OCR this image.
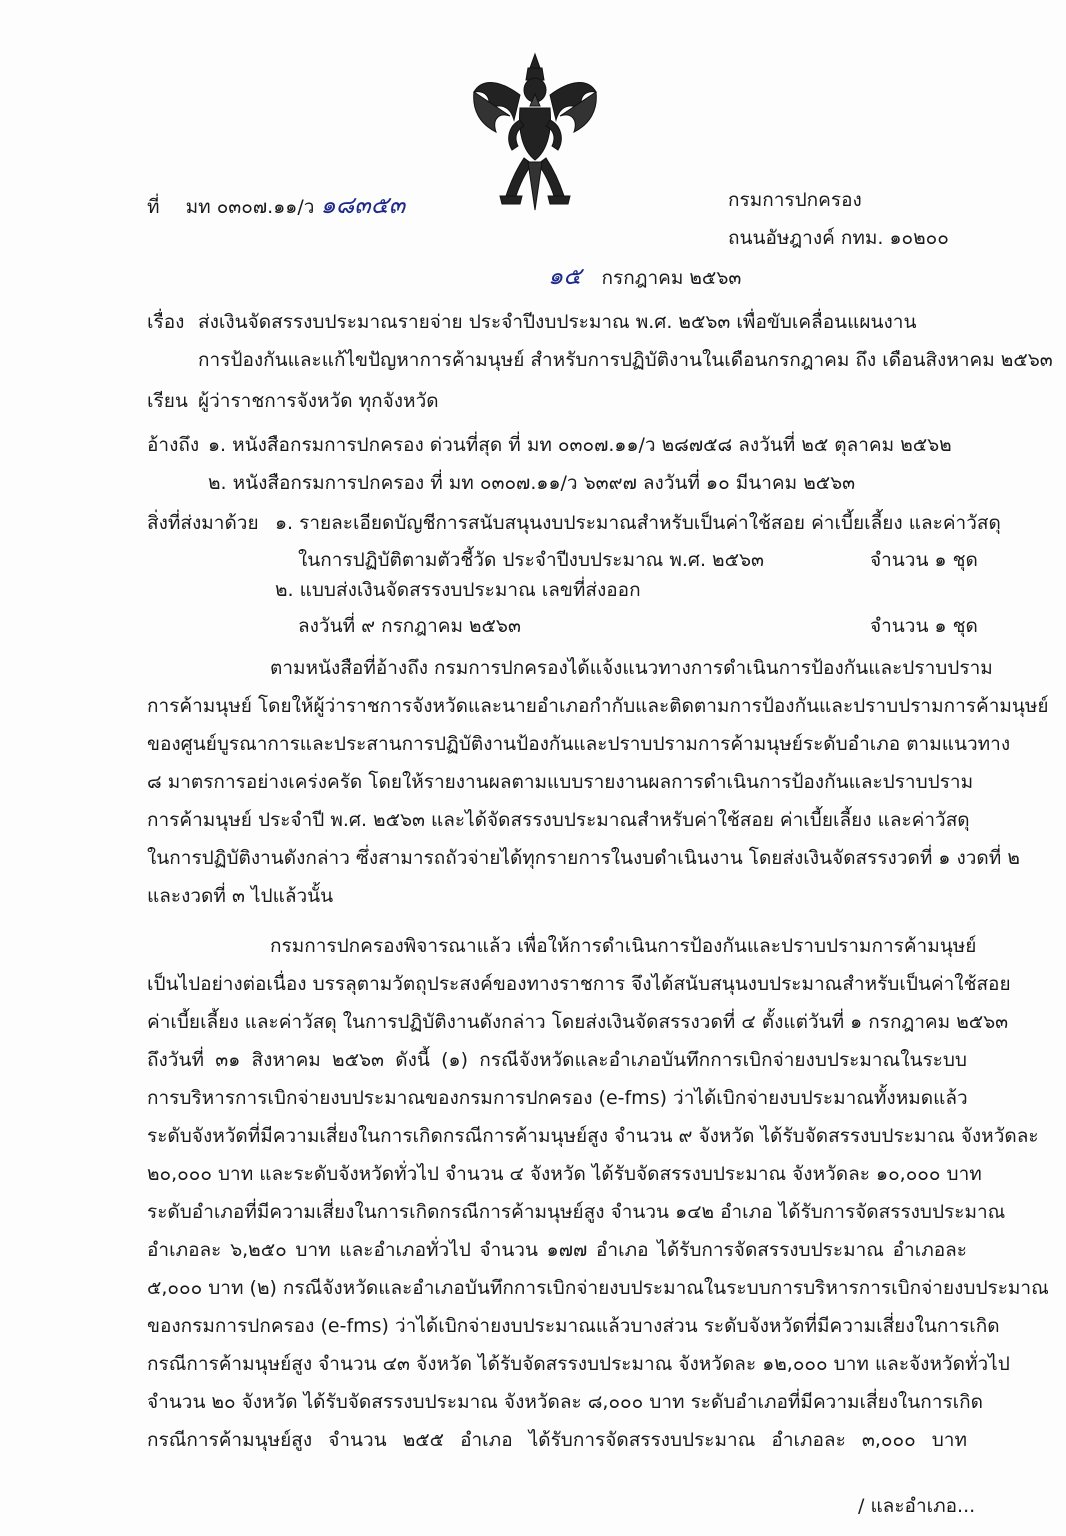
ที่ มท ๐๓๐๗.๑๑/ว ๑๘๓๕๓	กรมการปกครอง
ถนนอัษฎางค์ กทม. ๑๐๒๐๐
๑๕ กรกฎาคม ๒๕๖๓
เรื่อง ส่งเงินจัดสรรงบประมาณรายจ่าย ประจำปีงบประมาณ พ.ศ. ๒๕๖๓ เพื่อขับเคลื่อนแผนงาน
การป้องกันและแก้ไขปัญหาการค้ามนุษย์ สำหรับการปฏิบัติงานในเดือนกรกฎาคม ถึง เดือนสิงหาคม ๒๕๖๓
เรียน ผู้ว่าราชการจังหวัด ทุกจังหวัด
อ้างถึง ๑. หนังสือกรมการปกครอง ด่วนที่สุด ที่ มท ๐๓๐๗.๑๑/ว ๒๘๗๕๘ ลงวันที่ ๒๕ ตุลาคม ๒๕๖๒
๒. หนังสือกรมการปกครอง ที่ มท ๐๓๐๗.๑๑/ว ๖๓๙๗ ลงวันที่ ๑๐ มีนาคม ๒๕๖๓
สิ่งที่ส่งมาด้วย ๑. รายละเอียดบัญชีการสนับสนุนงบประมาณสำหรับเป็นค่าใช้สอย ค่าเบี้ยเลี้ยง และค่าวัสดุ
ในการปฏิบัติตามตัวชี้วัด ประจำปีงบประมาณ พ.ศ. ๒๕๖๓	จำนวน ๑ ชุด
๒. แบบส่งเงินจัดสรรงบประมาณ เลขที่ส่งออก
ลงวันที่ ๙ กรกฎาคม ๒๕๖๓	จำนวน ๑ ชุด
ตามหนังสือที่อ้างถึง กรมการปกครองได้แจ้งแนวทางการดำเนินการป้องกันและปราบปราม
การค้ามนุษย์ โดยให้ผู้ว่าราชการจังหวัดและนายอำเภอกำกับและติดตามการป้องกันและปราบปรามการค้ามนุษย์
ของศูนย์บูรณาการและประสานการปฏิบัติงานป้องกันและปราบปรามการค้ามนุษย์ระดับอำเภอ ตามแนวทาง
๘ มาตรการอย่างเคร่งครัด โดยให้รายงานผลตามแบบรายงานผลการดำเนินการป้องกันและปราบปราม
การค้ามนุษย์ ประจำปี พ.ศ. ๒๕๖๓ และได้จัดสรรงบประมาณสำหรับค่าใช้สอย ค่าเบี้ยเลี้ยง และค่าวัสดุ
ในการปฏิบัติงานดังกล่าว ซึ่งสามารถถัวจ่ายได้ทุกรายการในงบดำเนินงาน โดยส่งเงินจัดสรรงวดที่ ๑ งวดที่ ๒
และงวดที่ ๓ ไปแล้วนั้น
กรมการปกครองพิจารณาแล้ว เพื่อให้การดำเนินการป้องกันและปราบปรามการค้ามนุษย์
เป็นไปอย่างต่อเนื่อง บรรลุตามวัตถุประสงค์ของทางราชการ จึงได้สนับสนุนงบประมาณสำหรับเป็นค่าใช้สอย
ค่าเบี้ยเลี้ยง และค่าวัสดุ ในการปฏิบัติงานดังกล่าว โดยส่งเงินจัดสรรงวดที่ ๔ ตั้งแต่วันที่ ๑ กรกฎาคม ๒๕๖๓
ถึงวันที่ ๓๑ สิงหาคม ๒๕๖๓ ดังนี้ (๑) กรณีจังหวัดและอำเภอบันทึกการเบิกจ่ายงบประมาณในระบบ
การบริหารการเบิกจ่ายงบประมาณของกรมการปกครอง (e-fms) ว่าได้เบิกจ่ายงบประมาณทั้งหมดแล้ว
ระดับจังหวัดที่มีความเสี่ยงในการเกิดกรณีการค้ามนุษย์สูง จำนวน ๙ จังหวัด ได้รับจัดสรรงบประมาณ จังหวัดละ
๒๐,๐๐๐ บาท และระดับจังหวัดทั่วไป จำนวน ๔ จังหวัด ได้รับจัดสรรงบประมาณ จังหวัดละ ๑๐,๐๐๐ บาท
ระดับอำเภอที่มีความเสี่ยงในการเกิดกรณีการค้ามนุษย์สูง จำนวน ๑๔๒ อำเภอ ได้รับการจัดสรรงบประมาณ
อำเภอละ ๖,๒๕๐ บาท และอำเภอทั่วไป จำนวน ๑๗๗ อำเภอ ได้รับการจัดสรรงบประมาณ อำเภอละ
๕,๐๐๐ บาท (๒) กรณีจังหวัดและอำเภอบันทึกการเบิกจ่ายงบประมาณในระบบการบริหารการเบิกจ่ายงบประมาณ
ของกรมการปกครอง (e-fms) ว่าได้เบิกจ่ายงบประมาณแล้วบางส่วน ระดับจังหวัดที่มีความเสี่ยงในการเกิด
กรณีการค้ามนุษย์สูง จำนวน ๔๓ จังหวัด ได้รับจัดสรรงบประมาณ จังหวัดละ ๑๒,๐๐๐ บาท และจังหวัดทั่วไป
จำนวน ๒๐ จังหวัด ได้รับจัดสรรงบประมาณ จังหวัดละ ๘,๐๐๐ บาท ระดับอำเภอที่มีความเสี่ยงในการเกิด
กรณีการค้ามนุษย์สูง จำนวน ๒๕๕ อำเภอ ได้รับการจัดสรรงบประมาณ อำเภอละ ๓,๐๐๐ บาท
/ และอำเภอ...
